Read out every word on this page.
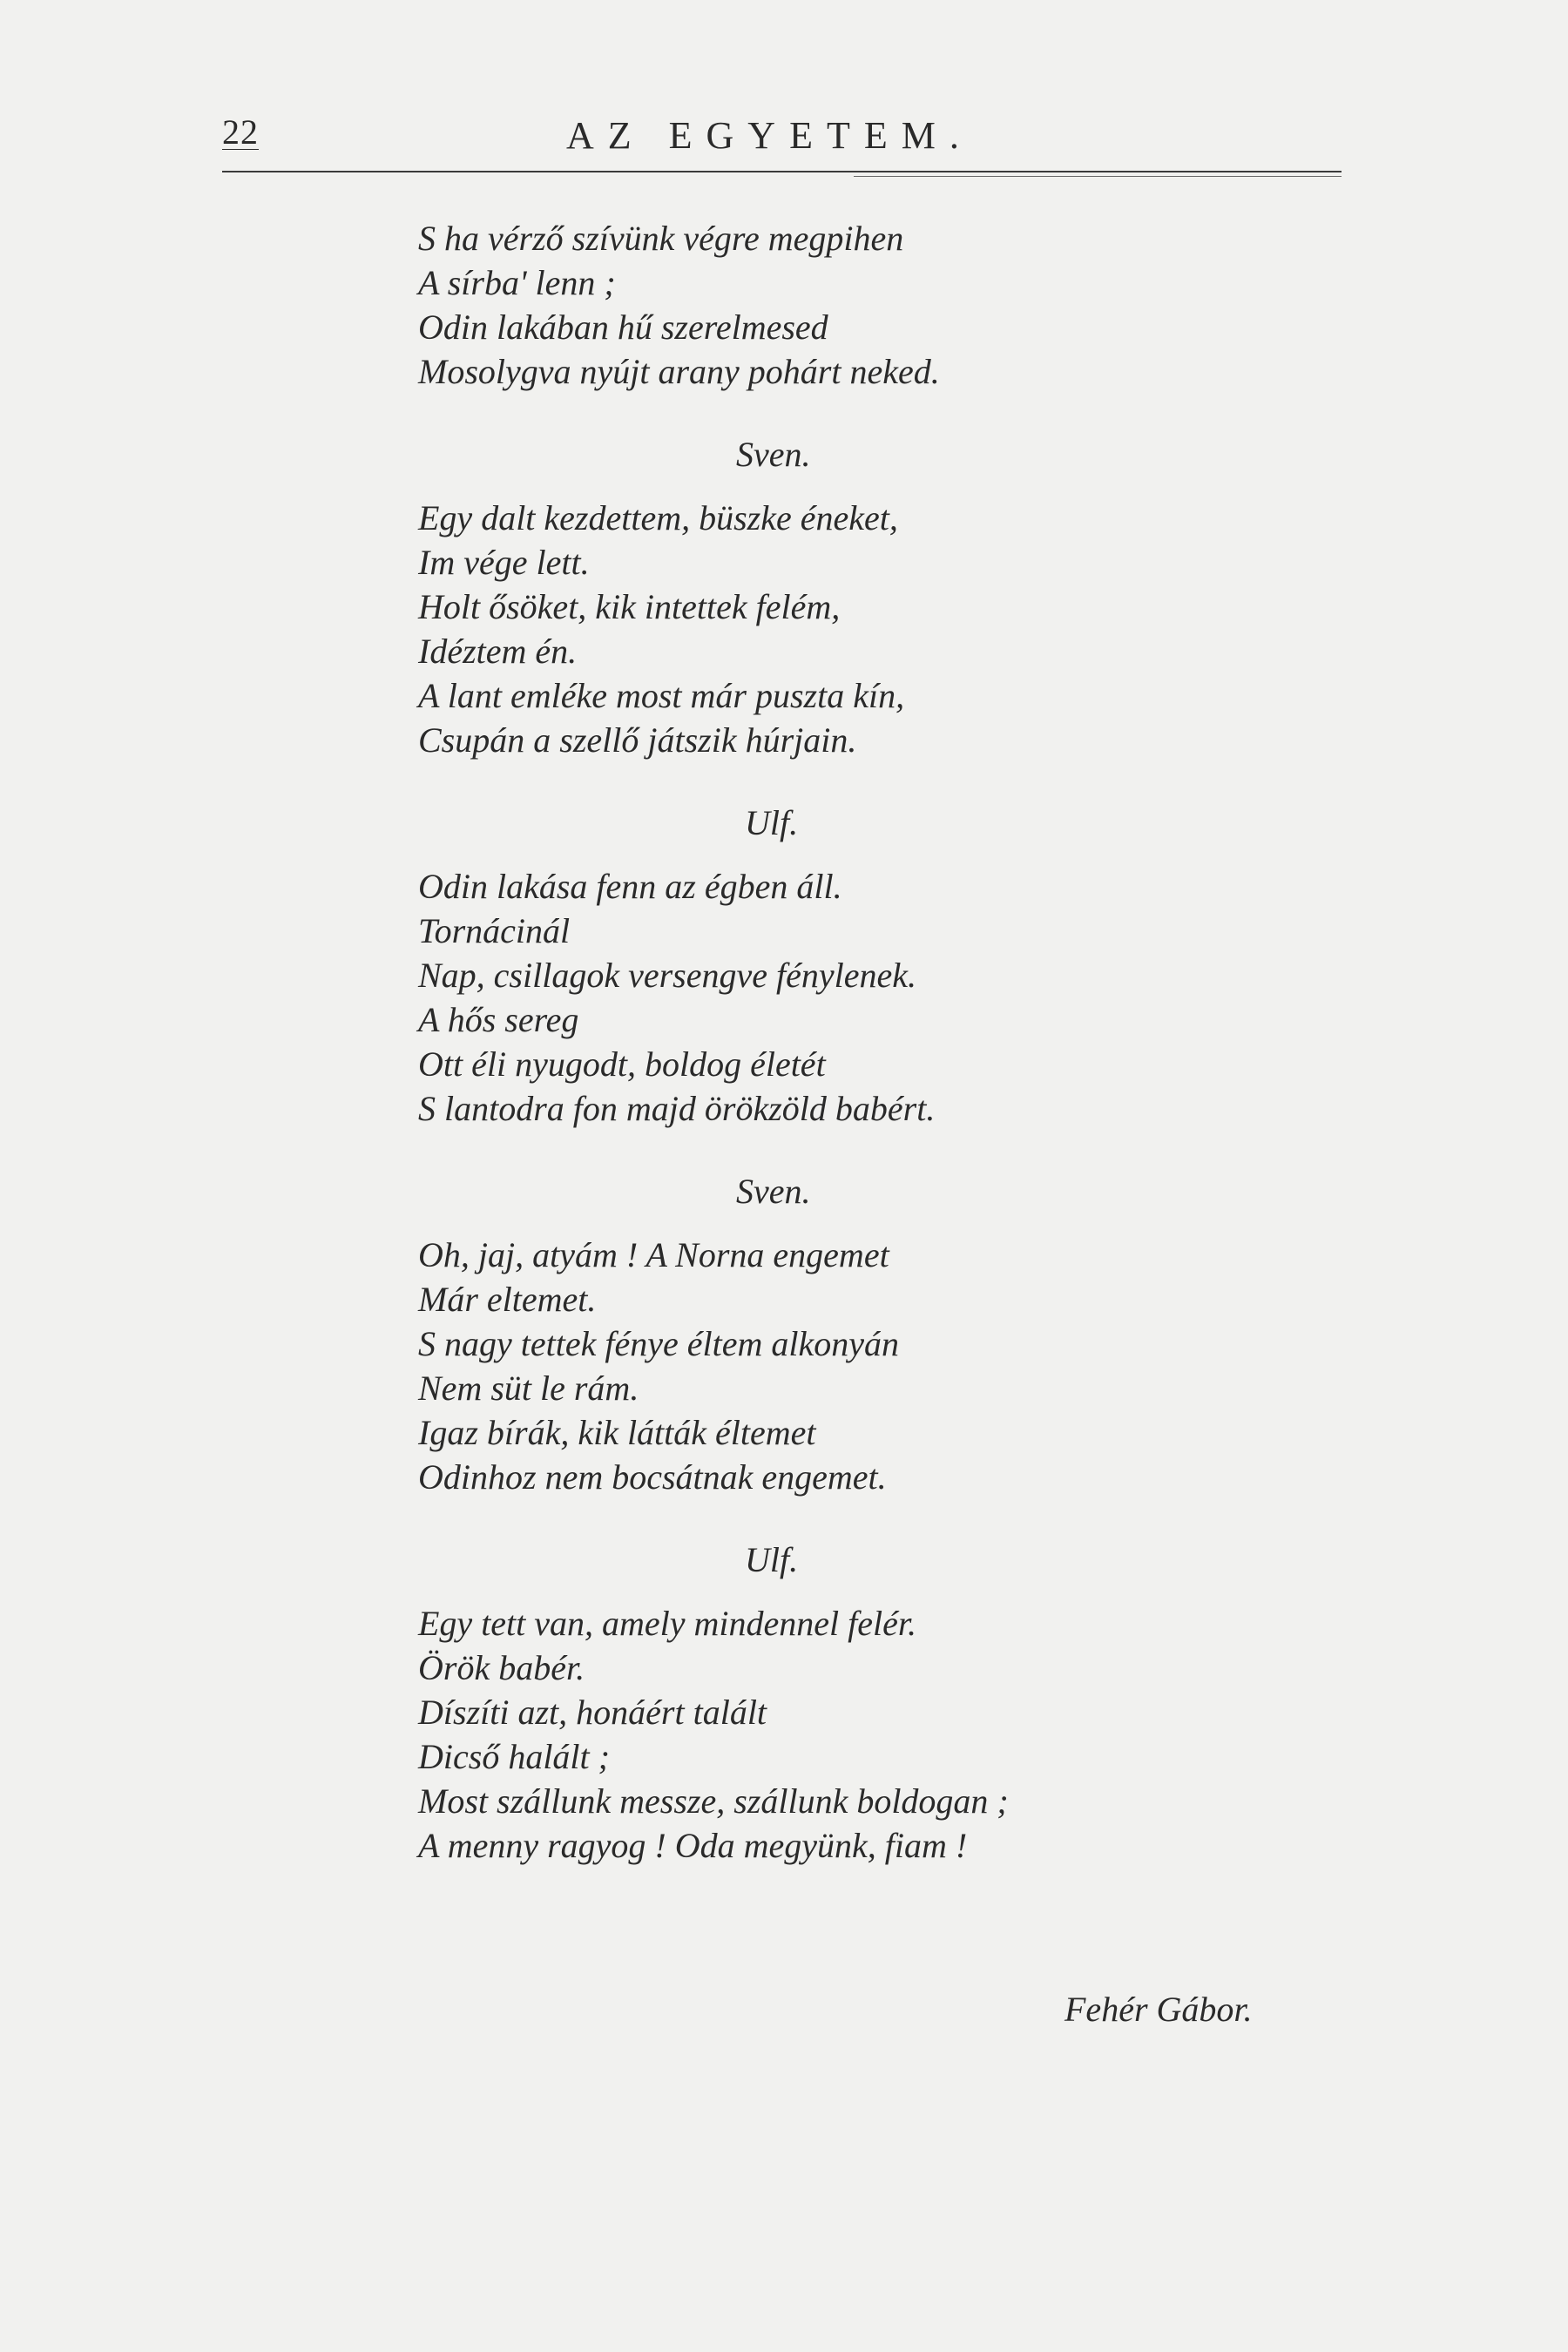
22	AZ EGYETEM.
S ha vérző szívünk végre megpihen
A sírba' lenn ;
Odin lakában hű szerelmesed
Mosolygva nyújt arany pohárt neked.
Sven.
Egy dalt kezdettem, büszke éneket,
Im vége lett.
Holt ősöket, kik intettek felém,
Idéztem én.
A lant emléke most már puszta kín,
Csupán a szellő játszik húrjain.
Ulf.
Odin lakása fenn az égben áll.
Tornácinál
Nap, csillagok versengve fénylenek.
A hős sereg
Ott éli nyugodt, boldog életét
S lantodra fon majd örökzöld babért.
Sven.
Oh, jaj, atyám ! A Norna engemet
Már eltemet.
S nagy tettek fénye éltem alkonyán
Nem süt le rám.
Igaz bírák, kik látták éltemet
Odinhoz nem bocsátnak engemet.
Ulf.
Egy tett van, amely mindennel felér.
Örök babér.
Díszíti azt, honáért talált
Dicső halált ;
Most szállunk messze, szállunk boldogan ;
A menny ragyog ! Oda megyünk, fiam !
Fehér Gábor.
